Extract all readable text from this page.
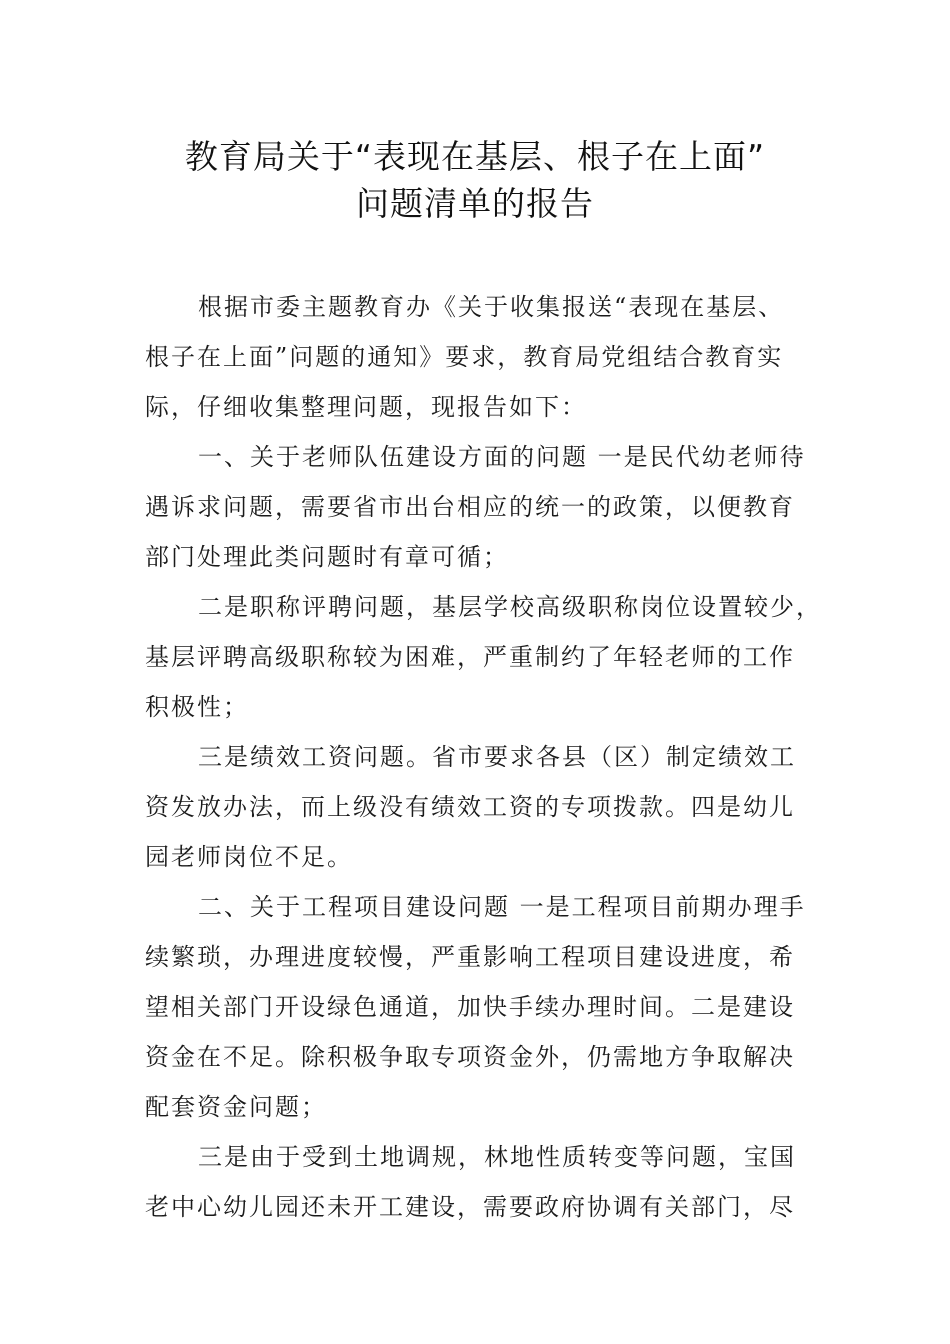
教育局关于“表现在基层、根子在上面”
问题清单的报告
根据市委主题教育办《关于收集报送“表现在基层、
根子在上面”问题的通知》要求，教育局党组结合教育实
际，仔细收集整理问题，现报告如下：
一、关于老师队伍建设方面的问题 一是民代幼老师待
遇诉求问题，需要省市出台相应的统一的政策，以便教育
部门处理此类问题时有章可循；
二是职称评聘问题，基层学校高级职称岗位设置较少，
基层评聘高级职称较为困难，严重制约了年轻老师的工作
积极性；
三是绩效工资问题。省市要求各县（区）制定绩效工
资发放办法，而上级没有绩效工资的专项拨款。四是幼儿
园老师岗位不足。
二、关于工程项目建设问题 一是工程项目前期办理手
续繁琐，办理进度较慢，严重影响工程项目建设进度，希
望相关部门开设绿色通道，加快手续办理时间。二是建设
资金在不足。除积极争取专项资金外，仍需地方争取解决
配套资金问题；
三是由于受到土地调规，林地性质转变等问题，宝国
老中心幼儿园还未开工建设，需要政府协调有关部门，尽
